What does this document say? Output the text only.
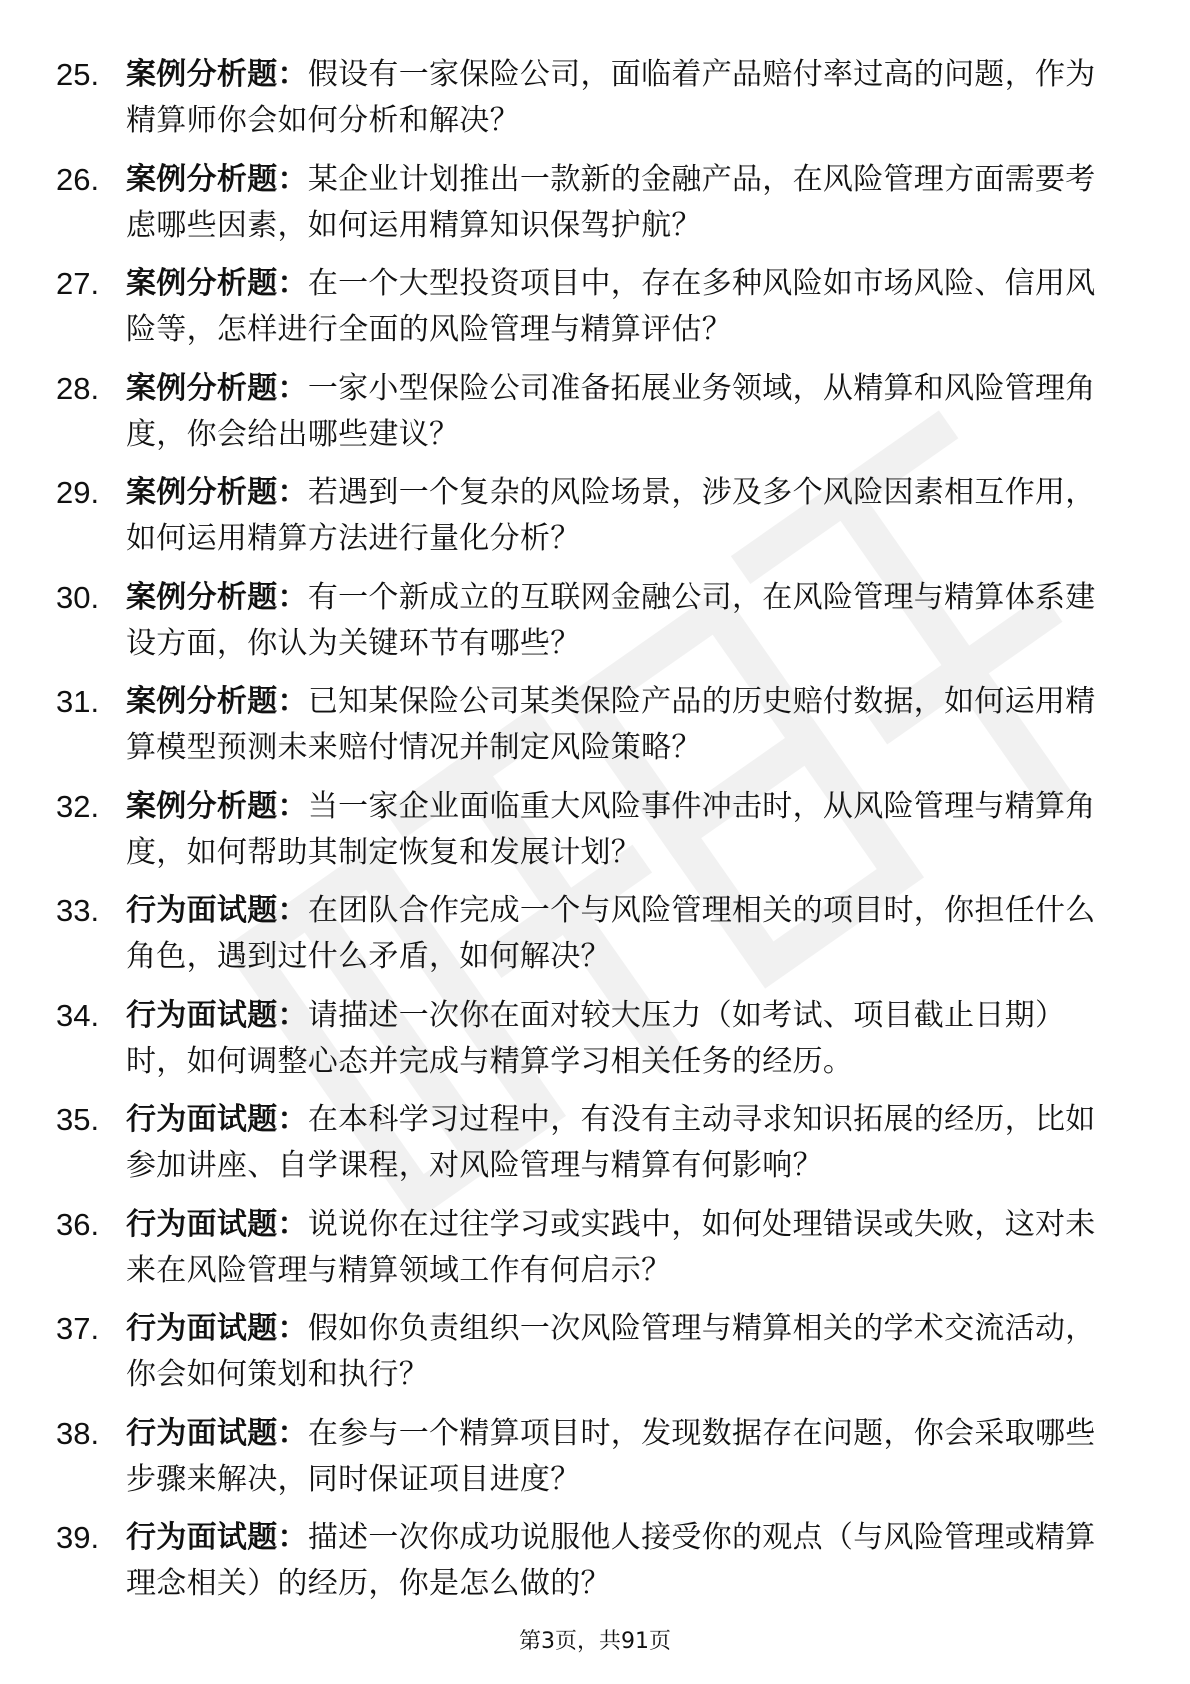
25. 案例分析题：假设有一家保险公司，面临着产品赔付率过高的问题，作为精算师你会如何分析和解决？
26. 案例分析题：某企业计划推出一款新的金融产品，在风险管理方面需要考虑哪些因素，如何运用精算知识保驾护航？
27. 案例分析题：在一个大型投资项目中，存在多种风险如市场风险、信用风险等，怎样进行全面的风险管理与精算评估？
28. 案例分析题：一家小型保险公司准备拓展业务领域，从精算和风险管理角度，你会给出哪些建议？
29. 案例分析题：若遇到一个复杂的风险场景，涉及多个风险因素相互作用，如何运用精算方法进行量化分析？
30. 案例分析题：有一个新成立的互联网金融公司，在风险管理与精算体系建设方面，你认为关键环节有哪些？
31. 案例分析题：已知某保险公司某类保险产品的历史赔付数据，如何运用精算模型预测未来赔付情况并制定风险策略？
32. 案例分析题：当一家企业面临重大风险事件冲击时，从风险管理与精算角度，如何帮助其制定恢复和发展计划？
33. 行为面试题：在团队合作完成一个与风险管理相关的项目时，你担任什么角色，遇到过什么矛盾，如何解决？
34. 行为面试题：请描述一次你在面对较大压力（如考试、项目截止日期）时，如何调整心态并完成与精算学习相关任务的经历。
35. 行为面试题：在本科学习过程中，有没有主动寻求知识拓展的经历，比如参加讲座、自学课程，对风险管理与精算有何影响？
36. 行为面试题：说说你在过往学习或实践中，如何处理错误或失败，这对未来在风险管理与精算领域工作有何启示？
37. 行为面试题：假如你负责组织一次风险管理与精算相关的学术交流活动，你会如何策划和执行？
38. 行为面试题：在参与一个精算项目时，发现数据存在问题，你会采取哪些步骤来解决，同时保证项目进度？
39. 行为面试题：描述一次你成功说服他人接受你的观点（与风险管理或精算理念相关）的经历，你是怎么做的？
第3页，共91页
